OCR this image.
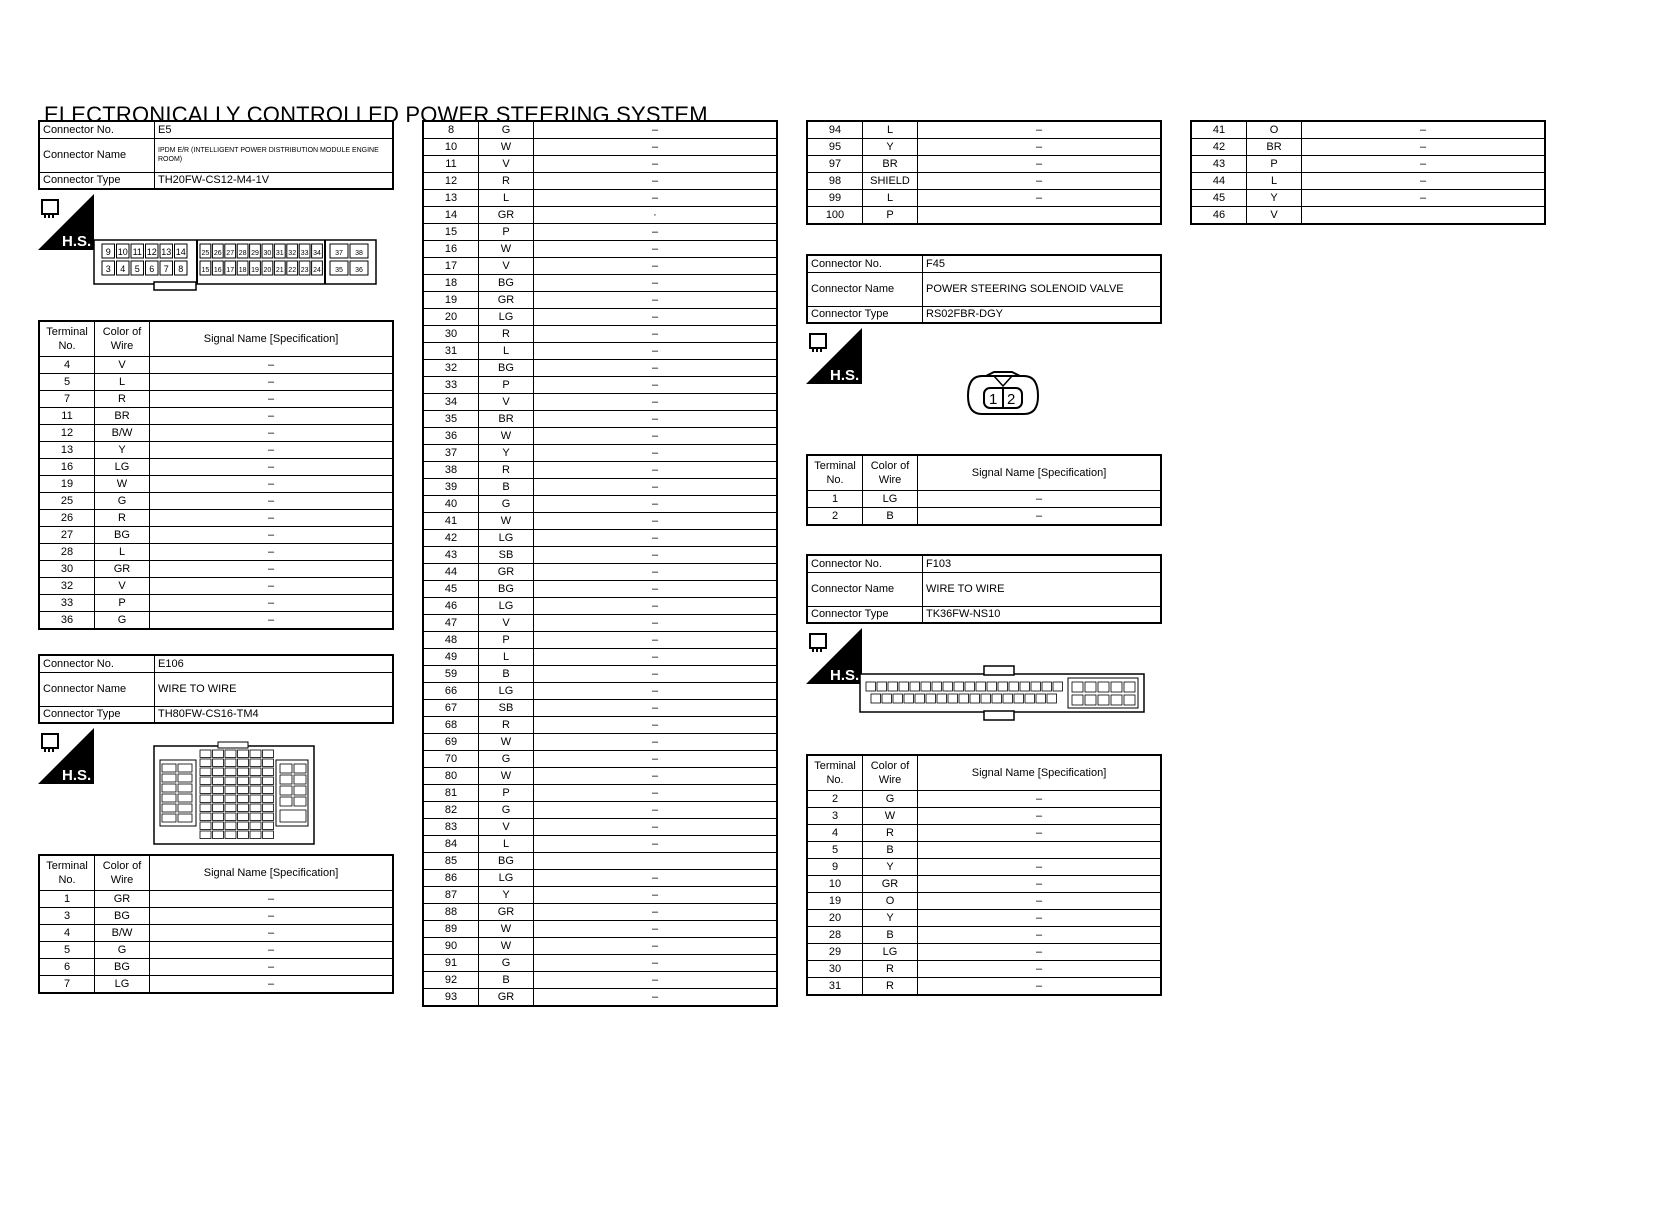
ELECTRONICALLY CONTROLLED POWER STEERING SYSTEM
Connector No.	E5
Connector Name	IPDM E/R (INTELLIGENT POWER DISTRIBUTION MODULE ENGINE ROOM)
Connector Type	TH20FW-CS12-M4-1V
H.S.
9 10 11 12 13 14 25 26 27 28 29 30 31 32 33 34 37 38
3 4 5 6 7 8	15 16 17 18 19 20 21 22 23 24 35 36
Terminal No.	Color of Wire	Signal Name [Specification]
4	V	–
5	L	–
7	R	–
11	BR	–
12	B/W	–
13	Y	–
16	LG	–
19	W	–
25	G	–
26	R	–
27	BG	–
28	L	–
30	GR	–
32	V	–
33	P	–
36	G	–
Connector No.	E106
Connector Name	WIRE TO WIRE
Connector Type	TH80FW-CS16-TM4
H.S.
Terminal No.	Color of Wire	Signal Name [Specification]
1	GR	–
3	BG	–
4	B/W	–
5	G	–
6	BG	–
7	LG	–
8	G	–
10	W	–
11	V	–
12	R	–
13	L	–
14	GR	·
15	P	–
16	W	–
17	V	–
18	BG	–
19	GR	–
20	LG	–
30	R	–
31	L	–
32	BG	–
33	P	–
34	V	–
35	BR	–
36	W	–
37	Y	–
38	R	–
39	B	–
40	G	–
41	W	–
42	LG	–
43	SB	–
44	GR	–
45	BG	–
46	LG	–
47	V	–
48	P	–
49	L	–
59	B	–
66	LG	–
67	SB	–
68	R	–
69	W	–
70	G	–
80	W	–
81	P	–
82	G	–
83	V	–
84	L	–
85	BG	
86	LG	–
87	Y	–
88	GR	–
89	W	–
90	W	–
91	G	–
92	B	–
93	GR	–
94	L	–
95	Y	–
97	BR	–
98	SHIELD	–
99	L	–
100	P	
Connector No.	F45
Connector Name	POWER STEERING SOLENOID VALVE
Connector Type	RS02FBR-DGY
H.S.
1 2
Terminal No.	Color of Wire	Signal Name [Specification]
1	LG	–
2	B	–
Connector No.	F103
Connector Name	WIRE TO WIRE
Connector Type	TK36FW-NS10
H.S.
Terminal No.	Color of Wire	Signal Name [Specification]
2	G	–
3	W	–
4	R	–
5	B	
9	Y	–
10	GR	–
19	O	–
20	Y	–
28	B	–
29	LG	–
30	R	–
31	R	–
41	O	–
42	BR	–
43	P	–
44	L	–
45	Y	–
46	V	
